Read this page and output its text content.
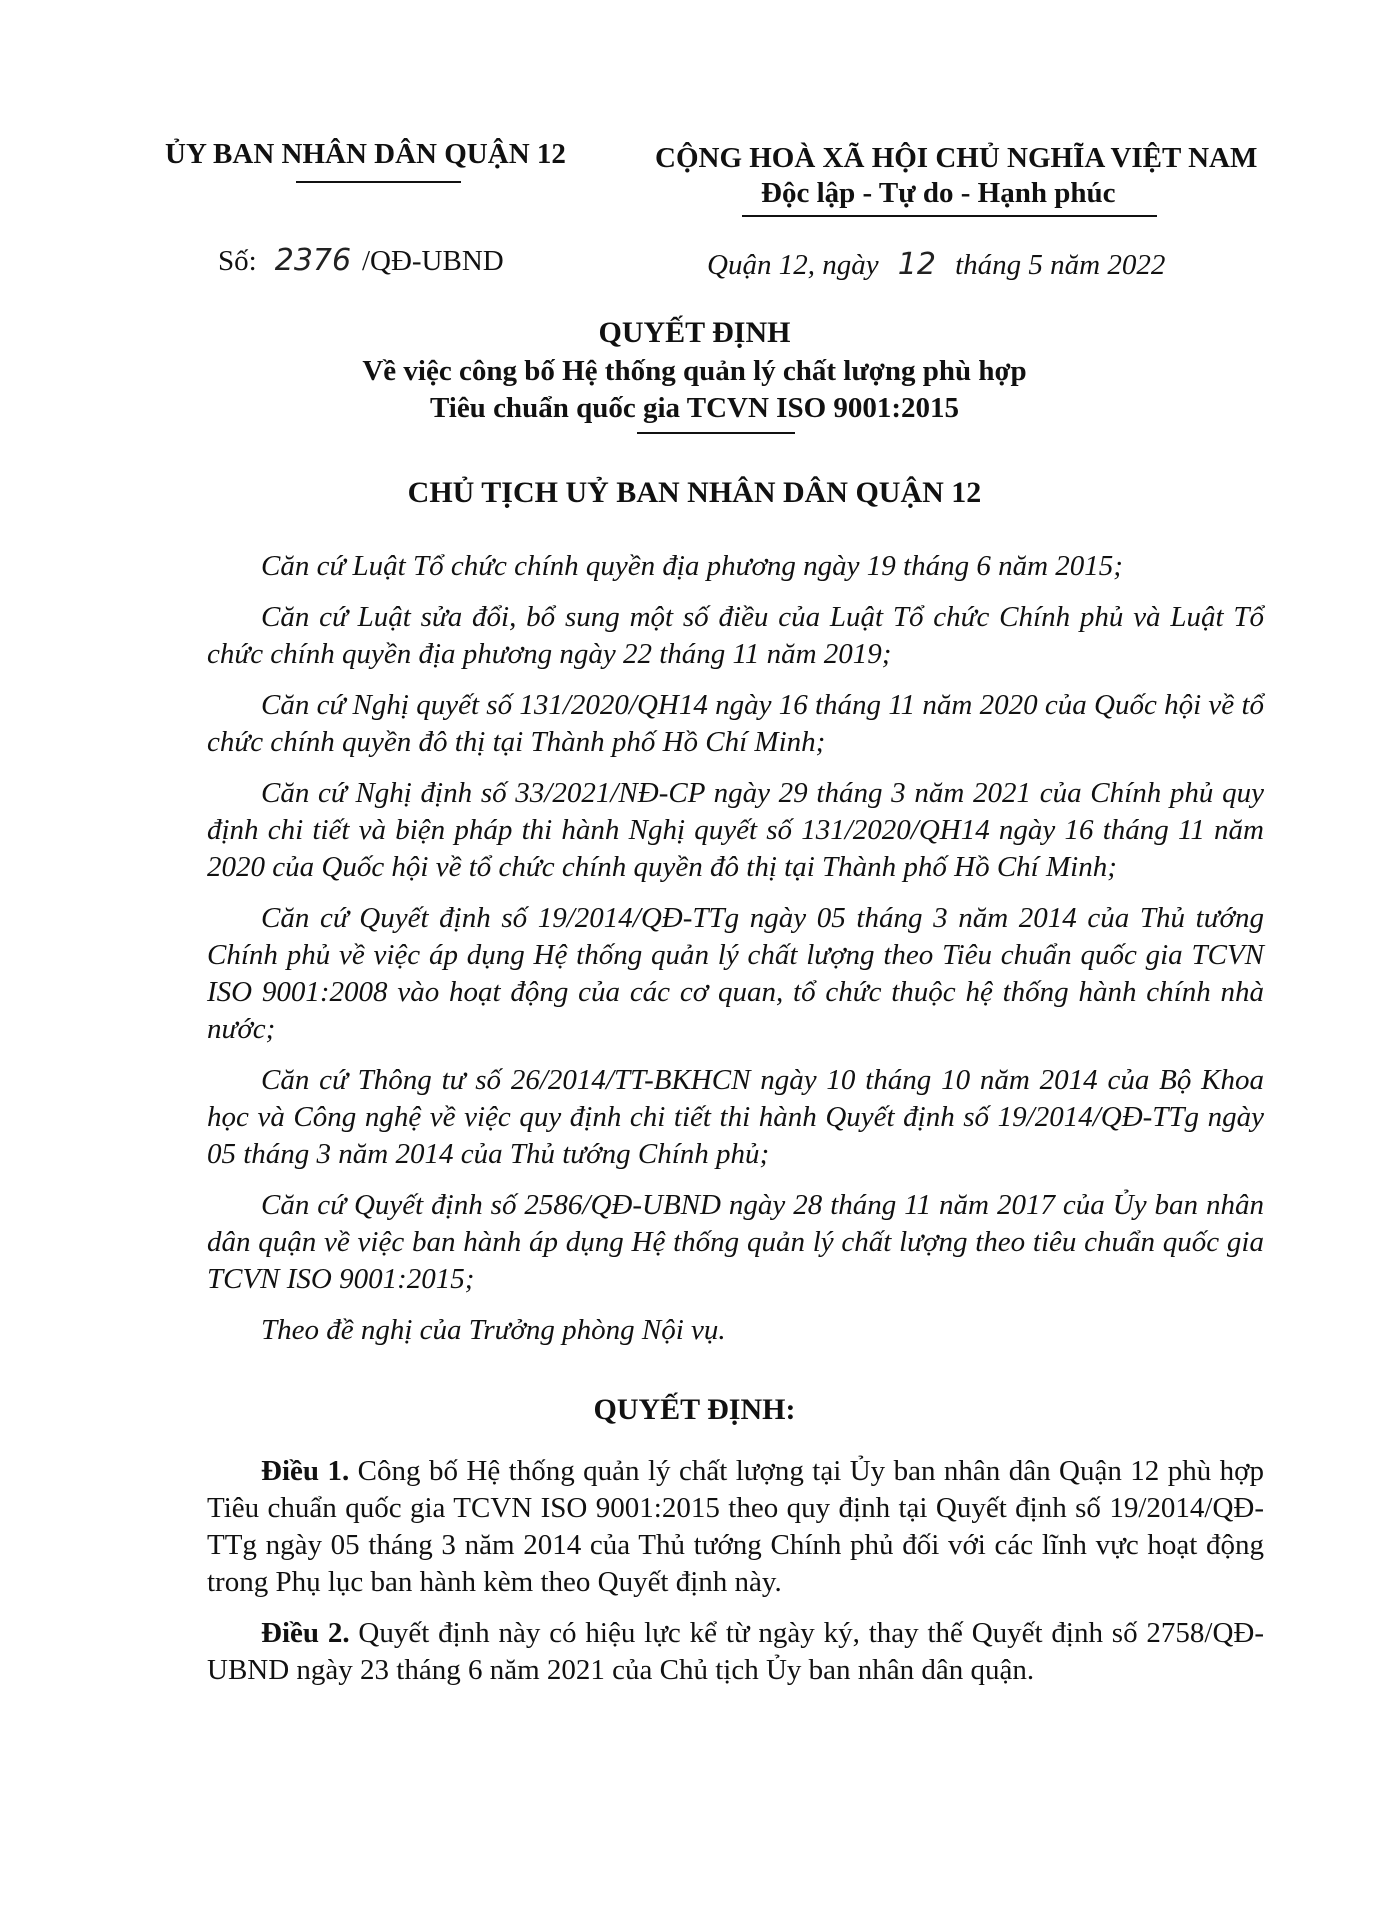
ỦY BAN NHÂN DÂN QUẬN 12	CỘNG HOÀ XÃ HỘI CHỦ NGHĨA VIỆT NAM
Độc lập - Tự do - Hạnh phúc
Số: 2376 /QĐ-UBND	Quận 12, ngày 12 tháng 5 năm 2022
QUYẾT ĐỊNH
Về việc công bố Hệ thống quản lý chất lượng phù hợp
Tiêu chuẩn quốc gia TCVN ISO 9001:2015
CHỦ TỊCH UỶ BAN NHÂN DÂN QUẬN 12

Căn cứ Luật Tổ chức chính quyền địa phương ngày 19 tháng 6 năm 2015;

Căn cứ Luật sửa đổi, bổ sung một số điều của Luật Tổ chức Chính phủ và Luật Tổ chức chính quyền địa phương ngày 22 tháng 11 năm 2019;

Căn cứ Nghị quyết số 131/2020/QH14 ngày 16 tháng 11 năm 2020 của Quốc hội về tổ chức chính quyền đô thị tại Thành phố Hồ Chí Minh;

Căn cứ Nghị định số 33/2021/NĐ-CP ngày 29 tháng 3 năm 2021 của Chính phủ quy định chi tiết và biện pháp thi hành Nghị quyết số 131/2020/QH14 ngày 16 tháng 11 năm 2020 của Quốc hội về tổ chức chính quyền đô thị tại Thành phố Hồ Chí Minh;

Căn cứ Quyết định số 19/2014/QĐ-TTg ngày 05 tháng 3 năm 2014 của Thủ tướng Chính phủ về việc áp dụng Hệ thống quản lý chất lượng theo Tiêu chuẩn quốc gia TCVN ISO 9001:2008 vào hoạt động của các cơ quan, tổ chức thuộc hệ thống hành chính nhà nước;

Căn cứ Thông tư số 26/2014/TT-BKHCN ngày 10 tháng 10 năm 2014 của Bộ Khoa học và Công nghệ về việc quy định chi tiết thi hành Quyết định số 19/2014/QĐ-TTg ngày 05 tháng 3 năm 2014 của Thủ tướng Chính phủ;

Căn cứ Quyết định số 2586/QĐ-UBND ngày 28 tháng 11 năm 2017 của Ủy ban nhân dân quận về việc ban hành áp dụng Hệ thống quản lý chất lượng theo tiêu chuẩn quốc gia TCVN ISO 9001:2015;

Theo đề nghị của Trưởng phòng Nội vụ.

QUYẾT ĐỊNH:

Điều 1. Công bố Hệ thống quản lý chất lượng tại Ủy ban nhân dân Quận 12 phù hợp Tiêu chuẩn quốc gia TCVN ISO 9001:2015 theo quy định tại Quyết định số 19/2014/QĐ-TTg ngày 05 tháng 3 năm 2014 của Thủ tướng Chính phủ đối với các lĩnh vực hoạt động trong Phụ lục ban hành kèm theo Quyết định này.

Điều 2. Quyết định này có hiệu lực kể từ ngày ký, thay thế Quyết định số 2758/QĐ-UBND ngày 23 tháng 6 năm 2021 của Chủ tịch Ủy ban nhân dân quận.
